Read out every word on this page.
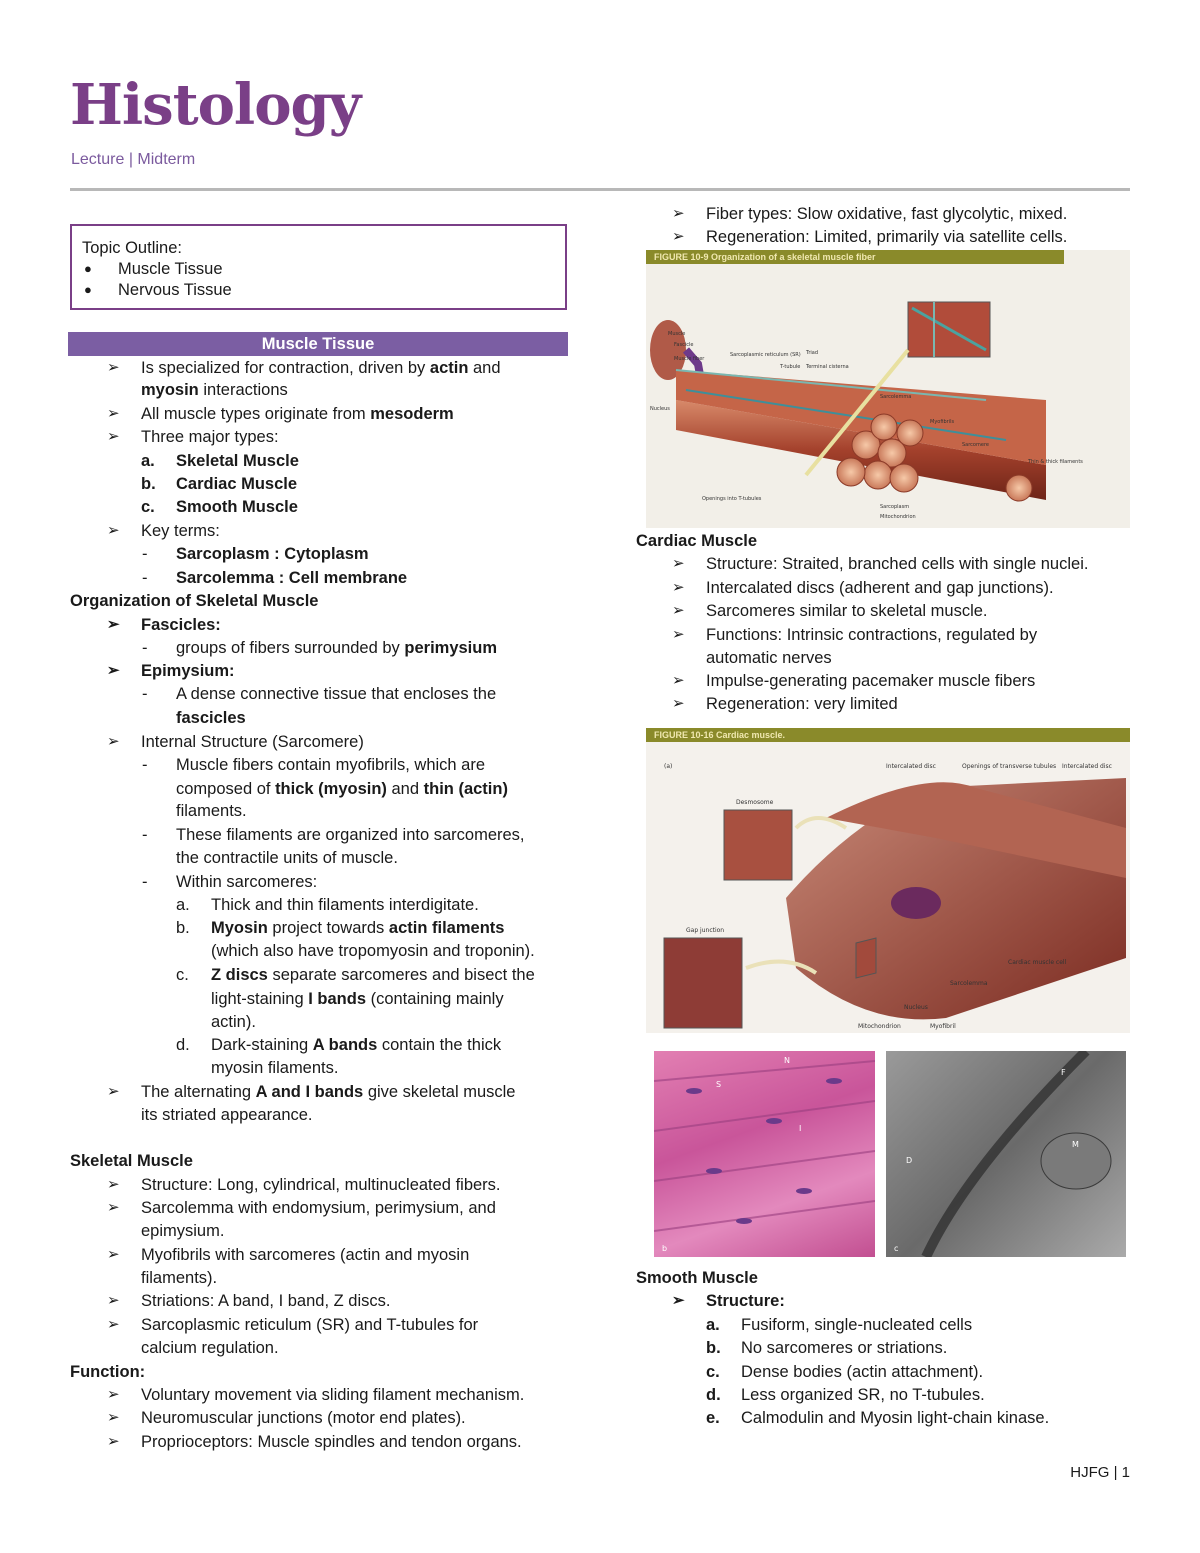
Histology
Lecture | Midterm
Topic Outline:
● Muscle Tissue
● Nervous Tissue
Muscle Tissue
➢ Is specialized for contraction, driven by actin and
myosin interactions
➢ All muscle types originate from mesoderm
➢ Three major types:
a. Skeletal Muscle
b. Cardiac Muscle
c. Smooth Muscle
➢ Key terms:
- Sarcoplasm : Cytoplasm
- Sarcolemma : Cell membrane
Organization of Skeletal Muscle
➢ Fascicles:
- groups of fibers surrounded by perimysium
➢ Epimysium:
- A dense connective tissue that encloses the
fascicles
➢ Internal Structure (Sarcomere)
- Muscle fibers contain myofibrils, which are
composed of thick (myosin) and thin (actin)
filaments.
- These filaments are organized into sarcomeres,
the contractile units of muscle.
- Within sarcomeres:
a. Thick and thin filaments interdigitate.
b. Myosin project towards actin filaments
(which also have tropomyosin and troponin).
c. Z discs separate sarcomeres and bisect the
light-staining I bands (containing mainly
actin).
d. Dark-staining A bands contain the thick
myosin filaments.
➢ The alternating A and I bands give skeletal muscle
its striated appearance.
Skeletal Muscle
➢ Structure: Long, cylindrical, multinucleated fibers.
➢ Sarcolemma with endomysium, perimysium, and
epimysium.
➢ Myofibrils with sarcomeres (actin and myosin
filaments).
➢ Striations: A band, I band, Z discs.
➢ Sarcoplasmic reticulum (SR) and T-tubules for
calcium regulation.
Function:
➢ Voluntary movement via sliding filament mechanism.
➢ Neuromuscular junctions (motor end plates).
➢ Proprioceptors: Muscle spindles and tendon organs.
➢ Fiber types: Slow oxidative, fast glycolytic, mixed.
➢ Regeneration: Limited, primarily via satellite cells.
FIGURE 10-9 Organization of a skeletal muscle fiber
Muscle
Fascicle
Muscle fiber
Nucleus
Sarcoplasmic reticulum (SR) Triad
T-tubule Terminal cisterna
Sarcolemma
Myofibrils
Sarcomere
Thin & thick filaments
Openings into T-tubules
Sarcoplasm
Mitochondrion
Cardiac Muscle
➢ Structure: Straited, branched cells with single nuclei.
➢ Intercalated discs (adherent and gap junctions).
➢ Sarcomeres similar to skeletal muscle.
➢ Functions: Intrinsic contractions, regulated by
automatic nerves
➢ Impulse-generating pacemaker muscle fibers
➢ Regeneration: very limited
FIGURE 10-16 Cardiac muscle.
(a)	Intercalated disc	Openings of transverse tubules Intercalated disc
Desmosome
Gap junction
Cardiac muscle cell
Sarcolemma
Nucleus
Mitochondrion	Myofibril
b
N
S
I
c
F
M
D
Smooth Muscle
➢ Structure:
a. Fusiform, single-nucleated cells
b. No sarcomeres or striations.
c. Dense bodies (actin attachment).
d. Less organized SR, no T-tubules.
e. Calmodulin and Myosin light-chain kinase.
HJFG | 1
